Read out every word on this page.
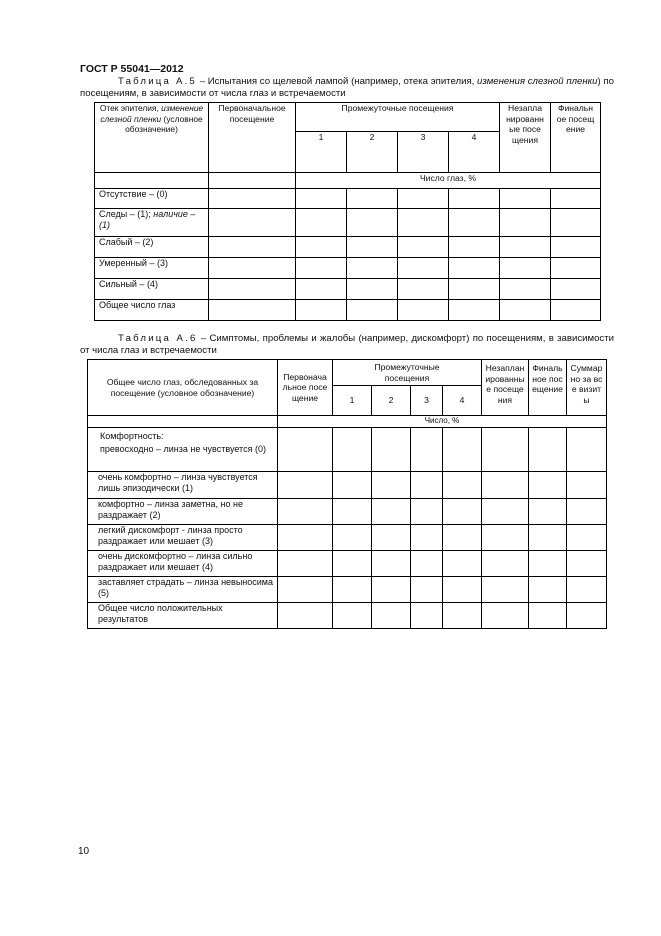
ГОСТ Р 55041—2012
Таблица А.5 – Испытания со щелевой лампой (например, отека эпителия, изменения слезной пленки) по посещениям, в зависимости от числа глаз и встречаемости
Отек эпителия, изменение слезной пленки (условное обозначение)	Первоначальное посещение	Промежуточные посещения				Незапланированные посещения	Финальное посещение
		1	2	3	4		
		Число глаз, %					
Отсутствие – (0)							
Следы – (1); наличие – (1)							
Слабый – (2)							
Умеренный – (3)							
Сильный – (4)							
Общее число глаз							
Таблица А.6 – Симптомы, проблемы и жалобы (например, дискомфорт) по посещениям, в зависимости от числа глаз и встречаемости
Общее число глаз, обследованных за посещение (условное обозначение)	Первоначальное посещение	Промежуточные посещения				Незапланированные посещения	Финальное посещение	Суммарно за все визиты
		1	2	3	4			
	Число, %							

Комфортность:
превосходно – линза не чувствуется (0)								

очень комфортно – линза чувствуется лишь эпизодически (1)								
комфортно – линза заметна, но не раздражает (2)								
легкий дискомфорт - линза просто раздражает или мешает (3)								
очень дискомфортно – линза сильно раздражает или мешает (4)								
заставляет страдать – линза невыносима (5)								
Общее число положительных результатов								
10
